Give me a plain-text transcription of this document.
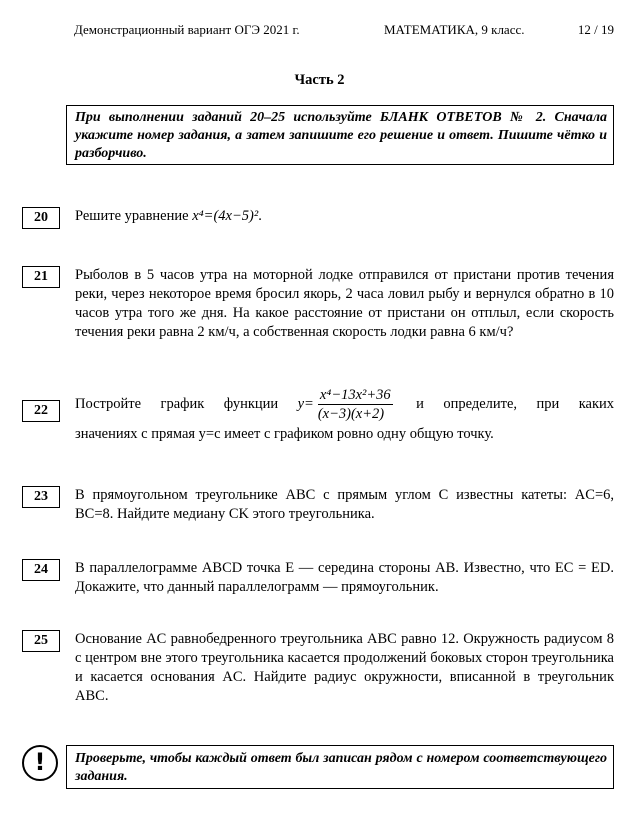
Демонстрационный вариант ОГЭ 2021 г.	МАТЕМАТИКА, 9 класс.	12 / 19
Часть 2
При выполнении заданий 20–25 используйте БЛАНК ОТВЕТОВ № 2. Сначала укажите номер задания, а затем запишите его решение и ответ. Пишите чётко и разборчиво.
20	Решите уравнение x⁴=(4x−5)².
21	Рыболов в 5 часов утра на моторной лодке отправился от пристани против течения реки, через некоторое время бросил якорь, 2 часа ловил рыбу и вернулся обратно в 10 часов утра того же дня. На какое расстояние от пристани он отплыл, если скорость течения реки равна 2 км/ч, а собственная скорость лодки равна 6 км/ч?
22	Постройте график функции $y= \frac{\text{x⁴−13x²+36}}{(x-3)(x+2)}$ и определите, при каких

значениях c прямая y=c имеет с графиком ровно одну общую точку.

23	В прямоугольном треугольнике ABC с прямым углом C известны катеты: AC=6, BC=8. Найдите медиану CK этого треугольника.
24	В параллелограмме ABCD точка E — середина стороны AB. Известно, что EC = ED. Докажите, что данный параллелограмм — прямоугольник.
25	Основание AC равнобедренного треугольника ABC равно 12. Окружность радиусом 8 с центром вне этого треугольника касается продолжений боковых сторон треугольника и касается основания AC. Найдите радиус окружности, вписанной в треугольник ABC.
!	Проверьте, чтобы каждый ответ был записан рядом с номером соответствующего задания.
